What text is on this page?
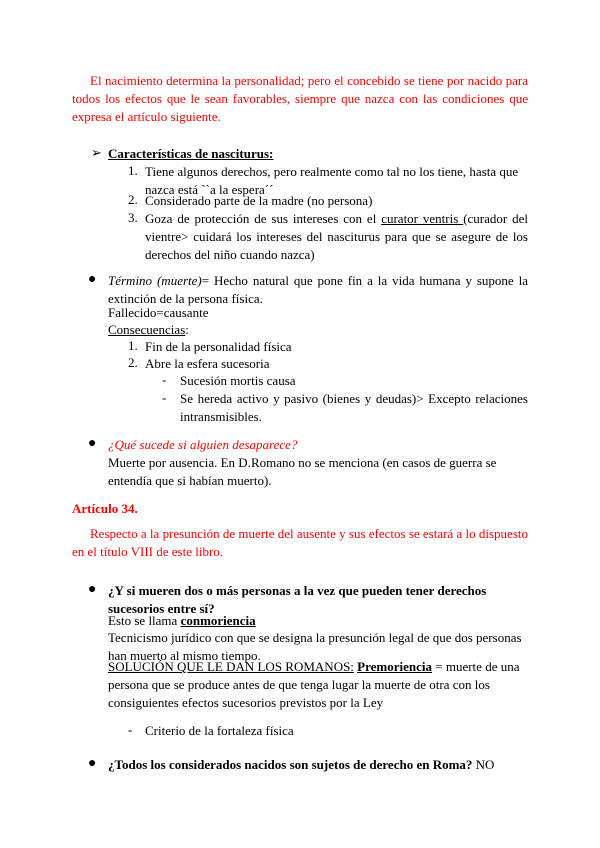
El nacimiento determina la personalidad; pero el concebido se tiene por nacido para todos los efectos que le sean favorables, siempre que nazca con las condiciones que expresa el artículo siguiente.
➢ Características de nasciturus:
1. Tiene algunos derechos, pero realmente como tal no los tiene, hasta que nazca está ``a la espera´´
2. Considerado parte de la madre (no persona)
3. Goza de protección de sus intereses con el curator ventris (curador del vientre> cuidará los intereses del nasciturus para que se asegure de los derechos del niño cuando nazca)
● Término (muerte)= Hecho natural que pone fin a la vida humana y supone la extinción de la persona física.
Fallecido=causante
Consecuencias:
1. Fin de la personalidad física
2. Abre la esfera sucesoria
- Sucesión mortis causa
- Se hereda activo y pasivo (bienes y deudas)> Excepto relaciones intransmisibles.
● ¿Qué sucede si alguien desaparece?
Muerte por ausencia. En D.Romano no se menciona (en casos de guerra se entendía que si habían muerto).
Artículo 34.
Respecto a la presunción de muerte del ausente y sus efectos se estará a lo dispuesto en el título VIII de este libro.
● ¿Y si mueren dos o más personas a la vez que pueden tener derechos sucesorios entre sí?
Esto se llama conmoriencia
Tecnicismo jurídico con que se designa la presunción legal de que dos personas han muerto al mismo tiempo.
SOLUCIÓN QUE LE DAN LOS ROMANOS: Premoriencia = muerte de una persona que se produce antes de que tenga lugar la muerte de otra con los consiguientes efectos sucesorios previstos por la Ley
- Criterio de la fortaleza física
● ¿Todos los considerados nacidos son sujetos de derecho en Roma? NO
